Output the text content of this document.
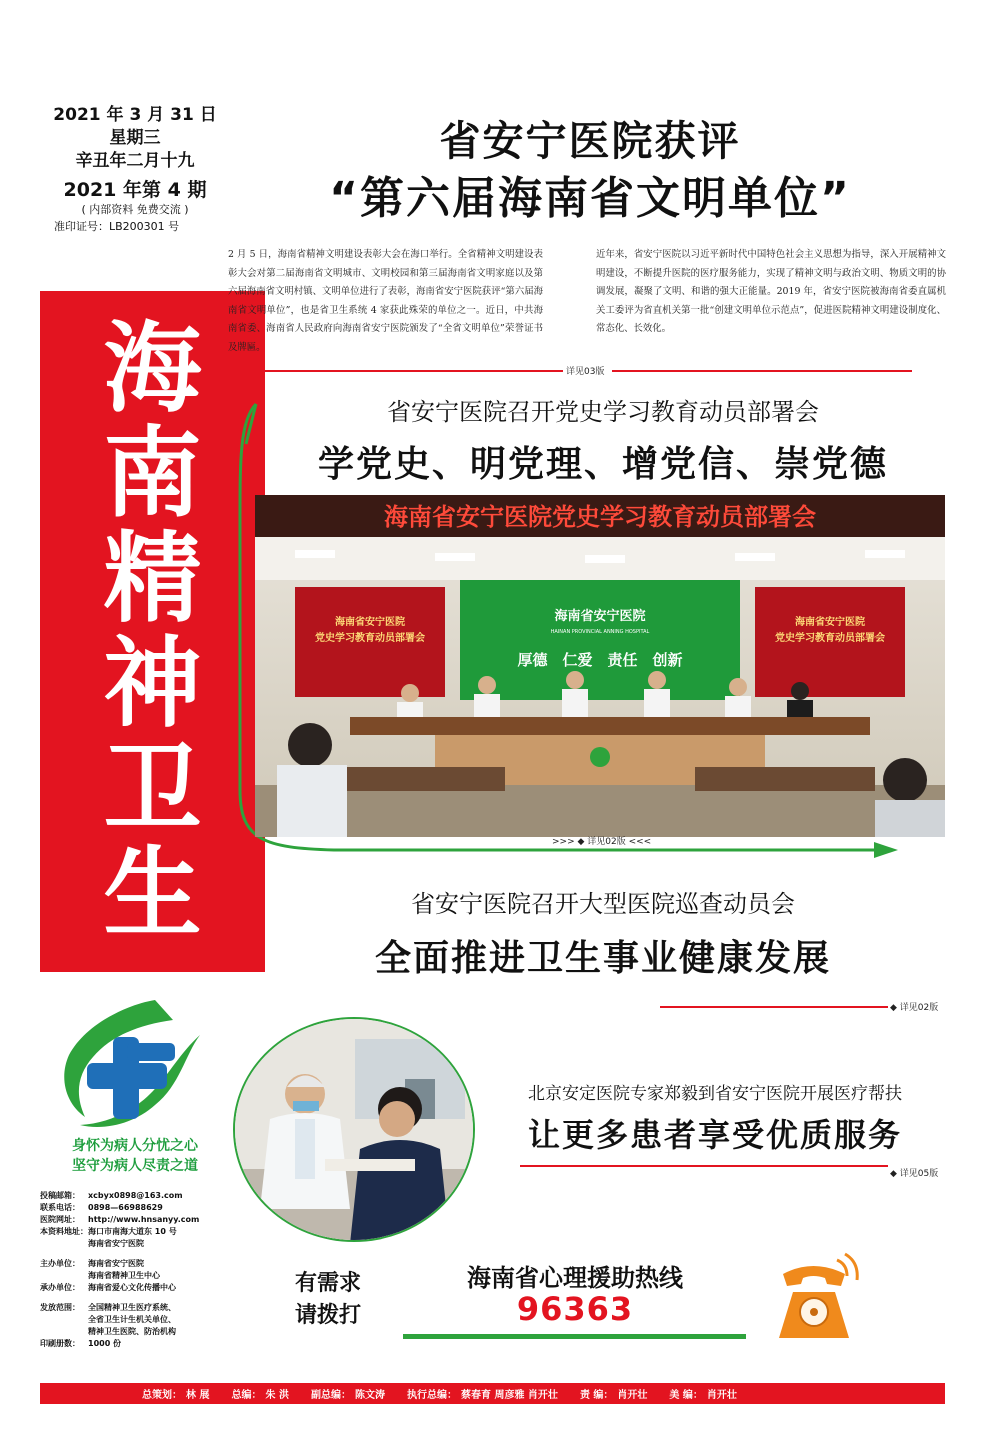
2021 年 3 月 31 日
星期三
辛丑年二月十九
2021 年第 4 期
( 内部资料 免费交流 )
准印证号：LB200301 号
海
南
精
神
卫
生
身怀为病人分忧之心
坚守为病人尽责之道
投稿邮箱：	xcbyx0898@163.com
联系电话：	0898—66988629
医院网址：	http://www.hnsanyy.com
本资料地址： 海口市南海大道东 10 号
海南省安宁医院
主办单位：	海南省安宁医院
海南省精神卫生中心
承办单位：	海南省爱心文化传播中心
发放范围：	全国精神卫生医疗系统、
全省卫生计生机关单位、
精神卫生医院、防治机构
印刷册数：	1000 份
省安宁医院获评
“第六届海南省文明单位”
2 月 5 日，海南省精神文明建设表彰大会在海口举行。全省精神文明建设表彰大会对第二届海南省文明城市、文明校园和第三届海南省文明家庭以及第六届海南省文明村镇、文明单位进行了表彰，海南省安宁医院获评“第六届海南省文明单位”，也是省卫生系统 4 家获此殊荣的单位之一。近日，中共海南省委、海南省人民政府向海南省安宁医院颁发了“全省文明单位”荣誉证书及牌匾。
近年来，省安宁医院以习近平新时代中国特色社会主义思想为指导，深入开展精神文明建设，不断提升医院的医疗服务能力，实现了精神文明与政治文明、物质文明的协调发展，凝聚了文明、和谐的强大正能量。2019 年，省安宁医院被海南省委直属机关工委评为省直机关第一批“创建文明单位示范点”，促进医院精神文明建设制度化、常态化、长效化。
详见03版
省安宁医院召开党史学习教育动员部署会
学党史、明党理、增党信、崇党德
海南省安宁医院党史学习教育动员部署会
海南省安宁医院
党史学习教育动员部署会
海南省安宁医院
党史学习教育动员部署会
海南省安宁医院
HAINAN PROVINCIAL ANNING HOSPITAL
厚德　仁爱　责任　创新
>>> ◆ 详见02版 <<<
省安宁医院召开大型医院巡查动员会
全面推进卫生事业健康发展
◆ 详见02版
北京安定医院专家郑毅到省安宁医院开展医疗帮扶
让更多患者享受优质服务
◆ 详见05版
有需求
请拨打
海南省心理援助热线
96363
总策划： 林 展 总编： 朱 洪 副总编： 陈文涛 执行总编： 蔡春育 周彦雅 肖开壮 责 编： 肖开壮 美 编： 肖开壮
